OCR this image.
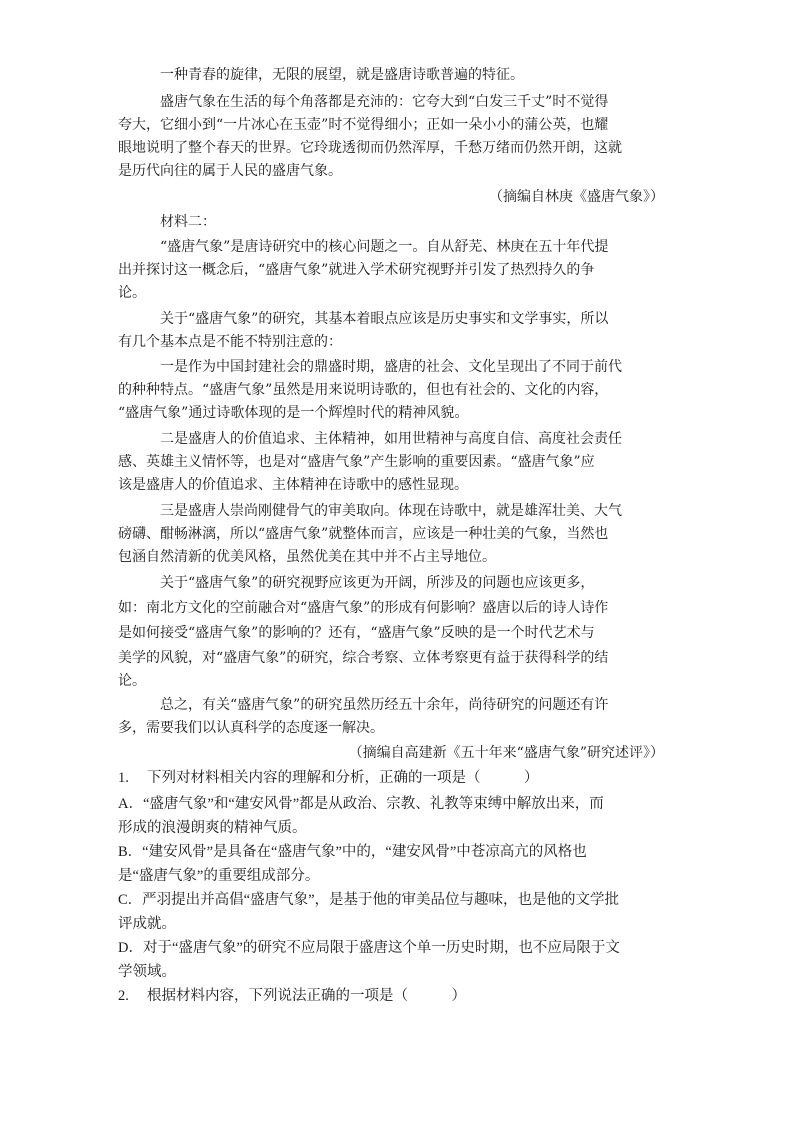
一种青春的旋律，无限的展望，就是盛唐诗歌普遍的特征。
盛唐气象在生活的每个角落都是充沛的：它夸大到“白发三千丈”时不觉得
夸大，它细小到“一片冰心在玉壶”时不觉得细小；正如一朵小小的蒲公英，也耀
眼地说明了整个春天的世界。它玲珑透彻而仍然浑厚，千愁万绪而仍然开朗，这就
是历代向往的属于人民的盛唐气象。
（摘编自林庚《盛唐气象》）
材料二：
“盛唐气象”是唐诗研究中的核心问题之一。自从舒芜、林庚在五十年代提
出并探讨这一概念后，“盛唐气象”就进入学术研究视野并引发了热烈持久的争
论。
关于“盛唐气象”的研究，其基本着眼点应该是历史事实和文学事实，所以
有几个基本点是不能不特别注意的：
一是作为中国封建社会的鼎盛时期，盛唐的社会、文化呈现出了不同于前代
的种种特点。“盛唐气象”虽然是用来说明诗歌的，但也有社会的、文化的内容，
“盛唐气象”通过诗歌体现的是一个辉煌时代的精神风貌。
二是盛唐人的价值追求、主体精神，如用世精神与高度自信、高度社会责任
感、英雄主义情怀等，也是对“盛唐气象”产生影响的重要因素。“盛唐气象”应
该是盛唐人的价值追求、主体精神在诗歌中的感性显现。
三是盛唐人崇尚刚健骨气的审美取向。体现在诗歌中，就是雄浑壮美、大气
磅礴、酣畅淋漓，所以“盛唐气象”就整体而言，应该是一种壮美的气象，当然也
包涵自然清新的优美风格，虽然优美在其中并不占主导地位。
关于“盛唐气象”的研究视野应该更为开阔，所涉及的问题也应该更多，
如：南北方文化的空前融合对“盛唐气象”的形成有何影响？盛唐以后的诗人诗作
是如何接受“盛唐气象”的影响的？还有，“盛唐气象”反映的是一个时代艺术与
美学的风貌，对“盛唐气象”的研究，综合考察、立体考察更有益于获得科学的结
论。
总之，有关“盛唐气象”的研究虽然历经五十余年，尚待研究的问题还有许
多，需要我们以认真科学的态度逐一解决。
（摘编自高建新《五十年来“盛唐气象”研究述评》）
1.　 下列对材料相关内容的理解和分析，正确的一项是（　　　）
A．“盛唐气象”和“建安风骨”都是从政治、宗教、礼教等束缚中解放出来，而
形成的浪漫朗爽的精神气质。
B．“建安风骨”是具备在“盛唐气象”中的，“建安风骨”中苍凉高亢的风格也
是“盛唐气象”的重要组成部分。
C．严羽提出并高倡“盛唐气象”，是基于他的审美品位与趣味，也是他的文学批
评成就。
D．对于“盛唐气象”的研究不应局限于盛唐这个单一历史时期，也不应局限于文
学领域。
2.　 根据材料内容，下列说法正确的一项是（　　　）
